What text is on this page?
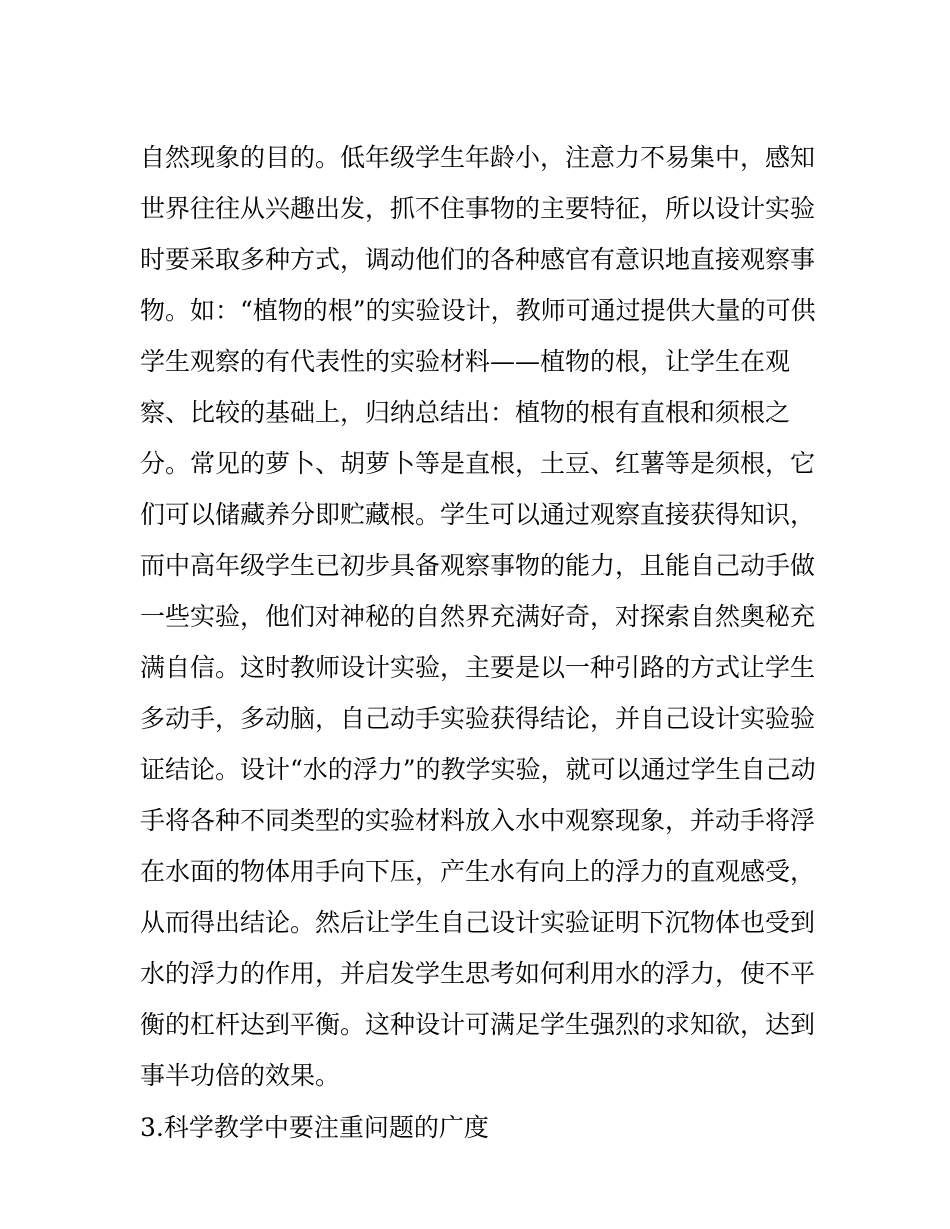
自然现象的目的。低年级学生年龄小，注意力不易集中，感知
世界往往从兴趣出发，抓不住事物的主要特征，所以设计实验
时要采取多种方式，调动他们的各种感官有意识地直接观察事
物。如：“植物的根”的实验设计，教师可通过提供大量的可供
学生观察的有代表性的实验材料——植物的根，让学生在观
察、比较的基础上，归纳总结出：植物的根有直根和须根之
分。常见的萝卜、胡萝卜等是直根，土豆、红薯等是须根，它
们可以储藏养分即贮藏根。学生可以通过观察直接获得知识，
而中高年级学生已初步具备观察事物的能力，且能自己动手做
一些实验，他们对神秘的自然界充满好奇，对探索自然奥秘充
满自信。这时教师设计实验，主要是以一种引路的方式让学生
多动手，多动脑，自己动手实验获得结论，并自己设计实验验
证结论。设计“水的浮力”的教学实验，就可以通过学生自己动
手将各种不同类型的实验材料放入水中观察现象，并动手将浮
在水面的物体用手向下压，产生水有向上的浮力的直观感受，
从而得出结论。然后让学生自己设计实验证明下沉物体也受到
水的浮力的作用，并启发学生思考如何利用水的浮力，使不平
衡的杠杆达到平衡。这种设计可满足学生强烈的求知欲，达到
事半功倍的效果。
3.科学教学中要注重问题的广度
